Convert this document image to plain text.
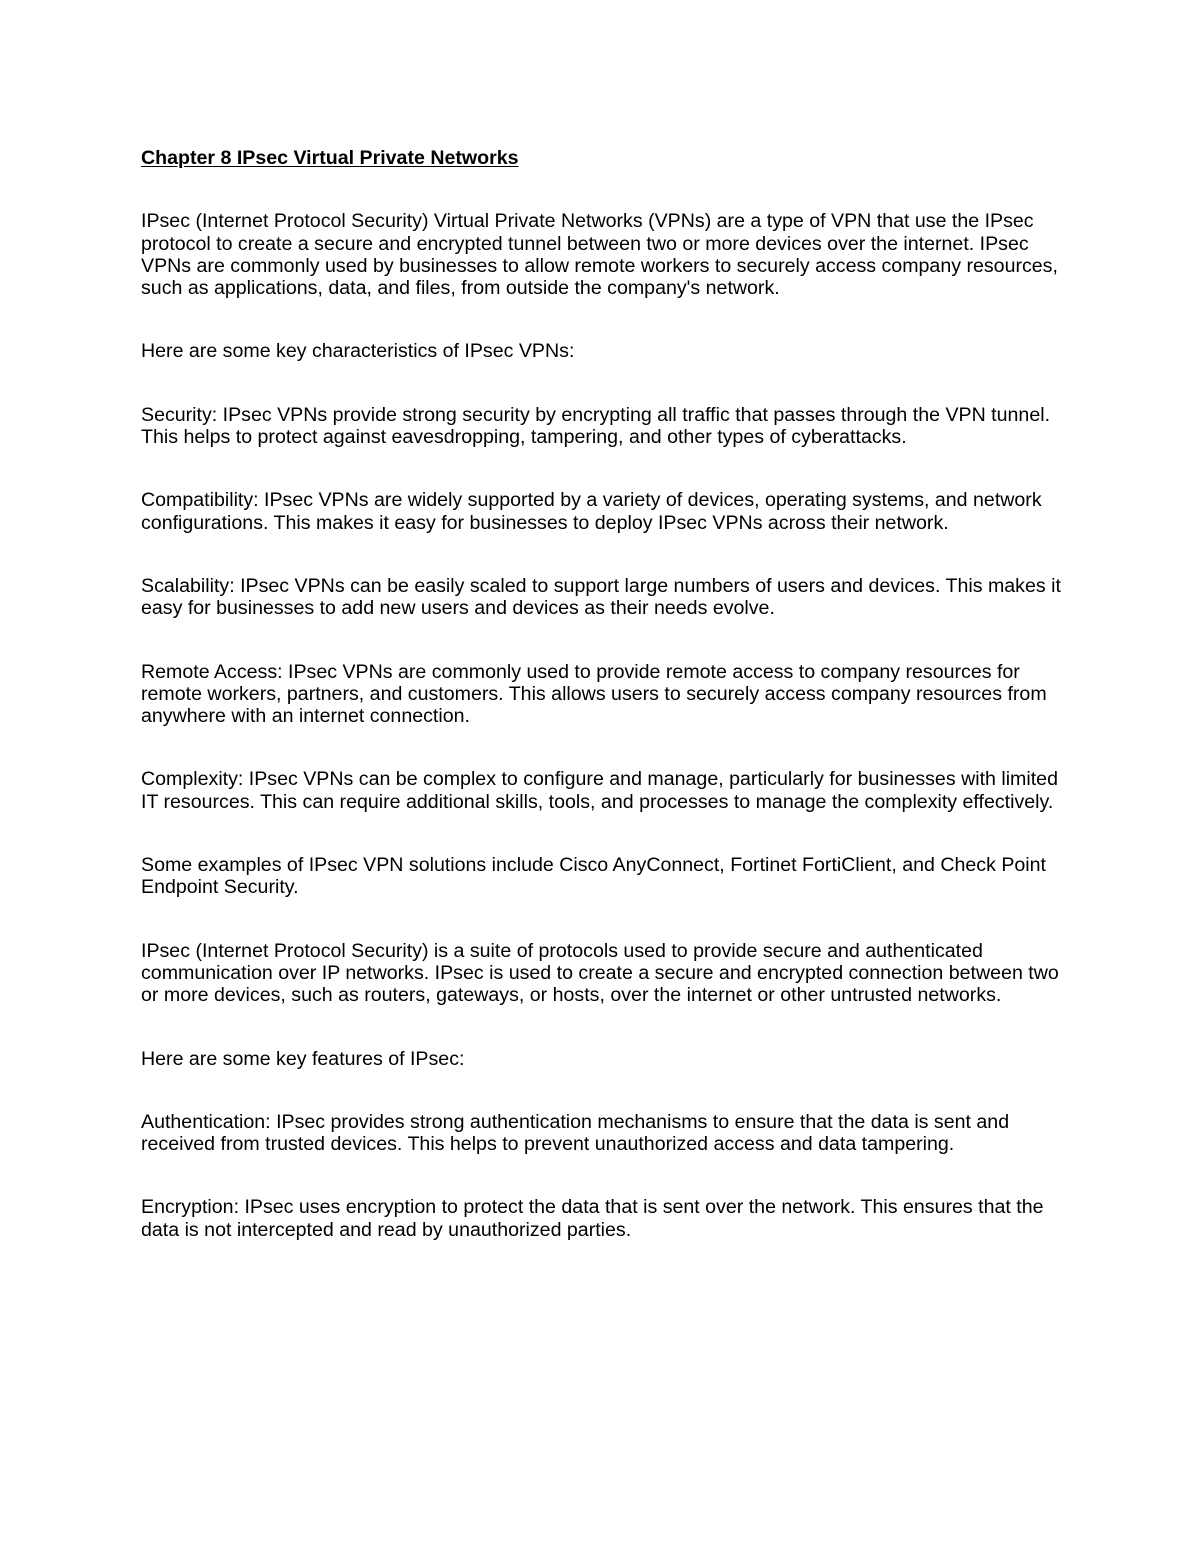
Chapter 8 IPsec Virtual Private Networks

IPsec (Internet Protocol Security) Virtual Private Networks (VPNs) are a type of VPN that use the IPsec protocol to create a secure and encrypted tunnel between two or more devices over the internet. IPsec VPNs are commonly used by businesses to allow remote workers to securely access company resources, such as applications, data, and files, from outside the company's network.

Here are some key characteristics of IPsec VPNs:

Security: IPsec VPNs provide strong security by encrypting all traffic that passes through the VPN tunnel. This helps to protect against eavesdropping, tampering, and other types of cyberattacks.

Compatibility: IPsec VPNs are widely supported by a variety of devices, operating systems, and network configurations. This makes it easy for businesses to deploy IPsec VPNs across their network.

Scalability: IPsec VPNs can be easily scaled to support large numbers of users and devices. This makes it easy for businesses to add new users and devices as their needs evolve.

Remote Access: IPsec VPNs are commonly used to provide remote access to company resources for remote workers, partners, and customers. This allows users to securely access company resources from anywhere with an internet connection.

Complexity: IPsec VPNs can be complex to configure and manage, particularly for businesses with limited IT resources. This can require additional skills, tools, and processes to manage the complexity effectively.

Some examples of IPsec VPN solutions include Cisco AnyConnect, Fortinet FortiClient, and Check Point Endpoint Security.

IPsec (Internet Protocol Security) is a suite of protocols used to provide secure and authenticated communication over IP networks. IPsec is used to create a secure and encrypted connection between two or more devices, such as routers, gateways, or hosts, over the internet or other untrusted networks.

Here are some key features of IPsec:

Authentication: IPsec provides strong authentication mechanisms to ensure that the data is sent and received from trusted devices. This helps to prevent unauthorized access and data tampering.

Encryption: IPsec uses encryption to protect the data that is sent over the network. This ensures that the data is not intercepted and read by unauthorized parties.
